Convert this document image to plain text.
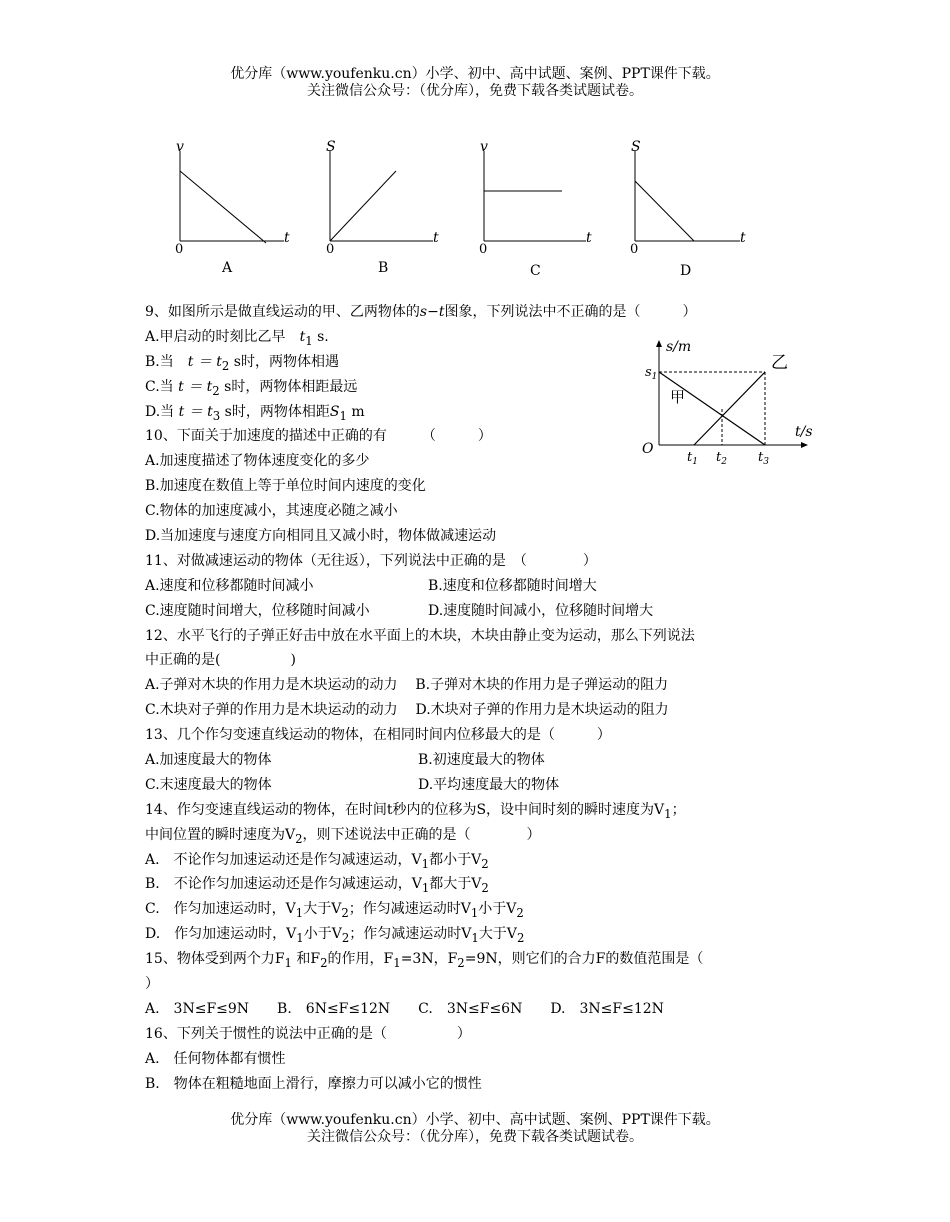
优分库（www.youfenku.cn）小学、初中、高中试题、案例、PPT课件下载。
关注微信公众号：（优分库），免费下载各类试题试卷。
v
t
0
A
S
t
0
B
v
t
0
C
S
t
0
D
s/m
t/s
O
$s_1$
$t_1$ $t_2$ $t_3$
甲
乙
9、如图所示是做直线运动的甲、乙两物体的s−t图象，下列说法中不正确的是（　　　）
A.甲启动的时刻比乙早　$t_1$ s.
B.当　$t = t_2$ s时，两物体相遇
C.当 $t = t_2$ s时，两物体相距最远
D.当 $t = t_3$ s时，两物体相距$S_1$ m
10、下面关于加速度的描述中正确的有　　　（　　　）
A.加速度描述了物体速度变化的多少
B.加速度在数值上等于单位时间内速度的变化
C.物体的加速度减小，其速度必随之减小
D.当加速度与速度方向相同且又减小时，物体做减速运动
11、对做减速运动的物体（无往返），下列说法中正确的是　（　　　　）
A.速度和位移都随时间减小	B.速度和位移都随时间增大
C.速度随时间增大，位移随时间减小	D.速度随时间减小，位移随时间增大
12、水平飞行的子弹正好击中放在水平面上的木块，木块由静止变为运动，那么下列说法
中正确的是(　　　　　)
A.子弹对木块的作用力是木块运动的动力 B.子弹对木块的作用力是子弹运动的阻力
C.木块对子弹的作用力是木块运动的动力 D.木块对子弹的作用力是木块运动的阻力
13、几个作匀变速直线运动的物体，在相同时间内位移最大的是（　　　）
A.加速度最大的物体	B.初速度最大的物体
C.末速度最大的物体	D.平均速度最大的物体
14、作匀变速直线运动的物体，在时间t秒内的位移为S，设中间时刻的瞬时速度为$V_1$；
中间位置的瞬时速度为$V_2$，则下述说法中正确的是（　　　　）
A.　不论作匀加速运动还是作匀减速运动，$V_1$都小于$V_2$
B.　不论作匀加速运动还是作匀减速运动，$V_1$都大于$V_2$
C.　作匀加速运动时，$V_1$大于$V_2$；作匀减速运动时$V_1$小于$V_2$
D.　作匀加速运动时，$V_1$小于$V_2$；作匀减速运动时$V_1$大于$V_2$
15、物体受到两个力$F_1$ 和$F_2$的作用，$F_1=3N$，$F_2=9N$，则它们的合力F的数值范围是（
）
A.　3N≤F≤9N　　B.　6N≤F≤12N　　C.　3N≤F≤6N　　D.　3N≤F≤12N
16、下列关于惯性的说法中正确的是（　　　　　）
A.　任何物体都有惯性
B.　物体在粗糙地面上滑行，摩擦力可以减小它的惯性
优分库（www.youfenku.cn）小学、初中、高中试题、案例、PPT课件下载。
关注微信公众号：（优分库），免费下载各类试题试卷。
